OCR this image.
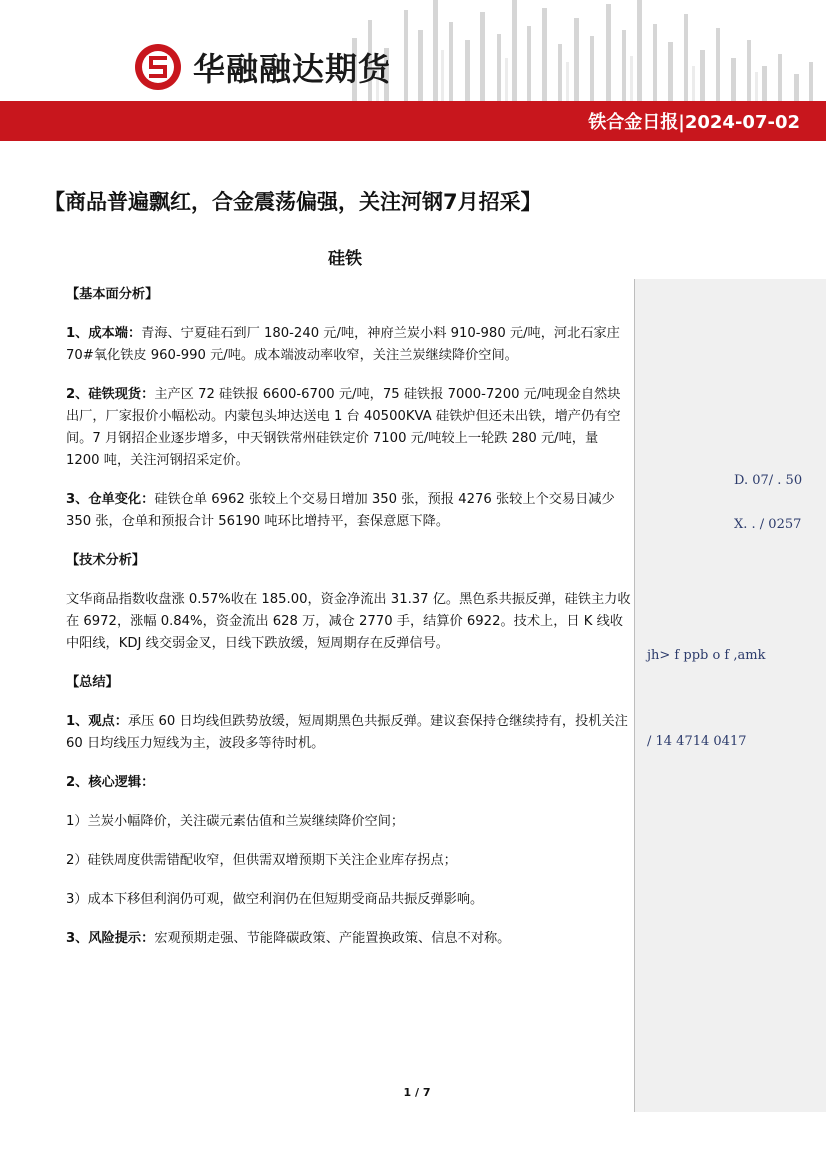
华融融达期货
铁合金日报|2024-07-02
【商品普遍飘红，合金震荡偏强，关注河钢7月招采】
硅铁
D. 07/ . 50
X. . / 0257
jh> f ppb o f ,amk
/ 14 4714 0417
【基本面分析】
1、成本端：青海、宁夏硅石到厂 180-240 元/吨，神府兰炭小料 910-980 元/吨，河北石家庄 70#氧化铁皮 960-990 元/吨。成本端波动率收窄，关注兰炭继续降价空间。
2、硅铁现货：主产区 72 硅铁报 6600-6700 元/吨，75 硅铁报 7000-7200 元/吨现金自然块出厂，厂家报价小幅松动。内蒙包头坤达送电 1 台 40500KVA 硅铁炉但还未出铁，增产仍有空间。7 月钢招企业逐步增多，中天钢铁常州硅铁定价 7100 元/吨较上一轮跌 280 元/吨，量 1200 吨，关注河钢招采定价。
3、仓单变化：硅铁仓单 6962 张较上个交易日增加 350 张，预报 4276 张较上个交易日减少 350 张，仓单和预报合计 56190 吨环比增持平，套保意愿下降。
【技术分析】
文华商品指数收盘涨 0.57%收在 185.00，资金净流出 31.37 亿。黑色系共振反弹，硅铁主力收在 6972，涨幅 0.84%，资金流出 628 万，减仓 2770 手，结算价 6922。技术上，日 K 线收中阳线，KDJ 线交弱金叉，日线下跌放缓，短周期存在反弹信号。
【总结】
1、观点：承压 60 日均线但跌势放缓，短周期黑色共振反弹。建议套保持仓继续持有，投机关注 60 日均线压力短线为主，波段多等待时机。
2、核心逻辑：
1）兰炭小幅降价，关注碳元素估值和兰炭继续降价空间；
2）硅铁周度供需错配收窄，但供需双增预期下关注企业库存拐点；
3）成本下移但利润仍可观，做空利润仍在但短期受商品共振反弹影响。
3、风险提示：宏观预期走强、节能降碳政策、产能置换政策、信息不对称。
1 / 7
